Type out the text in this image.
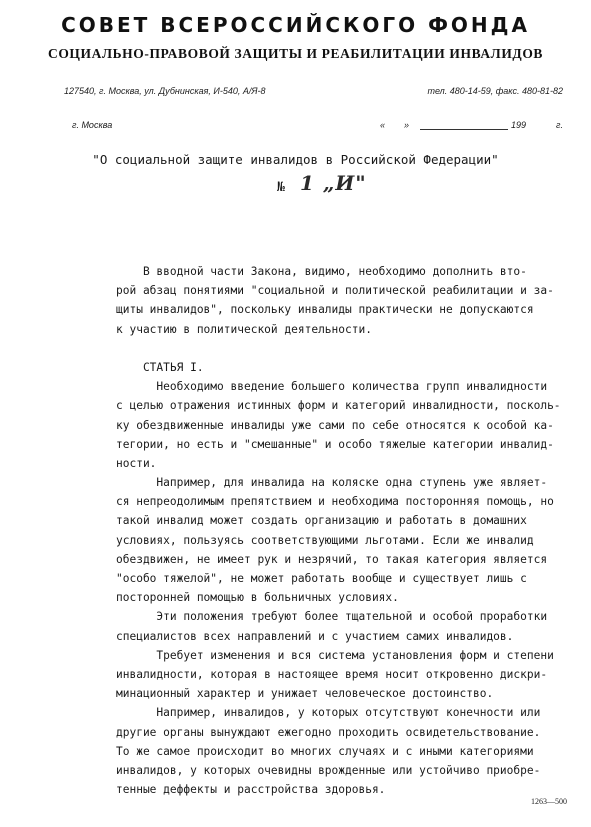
СОВЕТ ВСЕРОССИЙСКОГО ФОНДА
СОЦИАЛЬНО-ПРАВОВОЙ ЗАЩИТЫ И РЕАБИЛИТАЦИИ ИНВАЛИДОВ
127540, г. Москва, ул. Дубнинская, И-540, А/Я-8	тел. 480-14-59, факс. 480-81-82
г. Москва	« »	199	г.
"О социальной защите инвалидов в Российской Федерации"
№ 1 „И"
В вводной части Закона, видимо, необходимо дополнить вто-
рой абзац понятиями "социальной и политической реабилитации и за-
щиты инвалидов", поскольку инвалиды практически не допускаются
к участию в политической деятельности.
СТАТЬЯ I.
Необходимо введение большего количества групп инвалидности
с целью отражения истинных форм и категорий инвалидности, посколь-
ку обездвиженные инвалиды уже сами по себе относятся к особой ка-
тегории, но есть и "смешанные" и особо тяжелые категории инвалид-
ности.
Например, для инвалида на коляске одна ступень уже являет-
ся непреодолимым препятствием и необходима посторонняя помощь, но
такой инвалид может создать организацию и работать в домашних
условиях, пользуясь соответствующими льготами. Если же инвалид
обездвижен, не имеет рук и незрячий, то такая категория является
"особо тяжелой", не может работать вообще и существует лишь с
посторонней помощью в больничных условиях.
Эти положения требуют более тщательной и особой проработки
специалистов всех направлений и с участием самих инвалидов.
Требует изменения и вся система установления форм и степени
инвалидности, которая в настоящее время носит откровенно дискри-
минационный характер и унижает человеческое достоинство.
Например, инвалидов, у которых отсутствуют конечности или
другие органы вынуждают ежегодно проходить освидетельствование.
То же самое происходит во многих случаях и с иными категориями
инвалидов, у которых очевидны врожденные или устойчиво приобре-
тенные деффекты и расстройства здоровья.
1263—500
